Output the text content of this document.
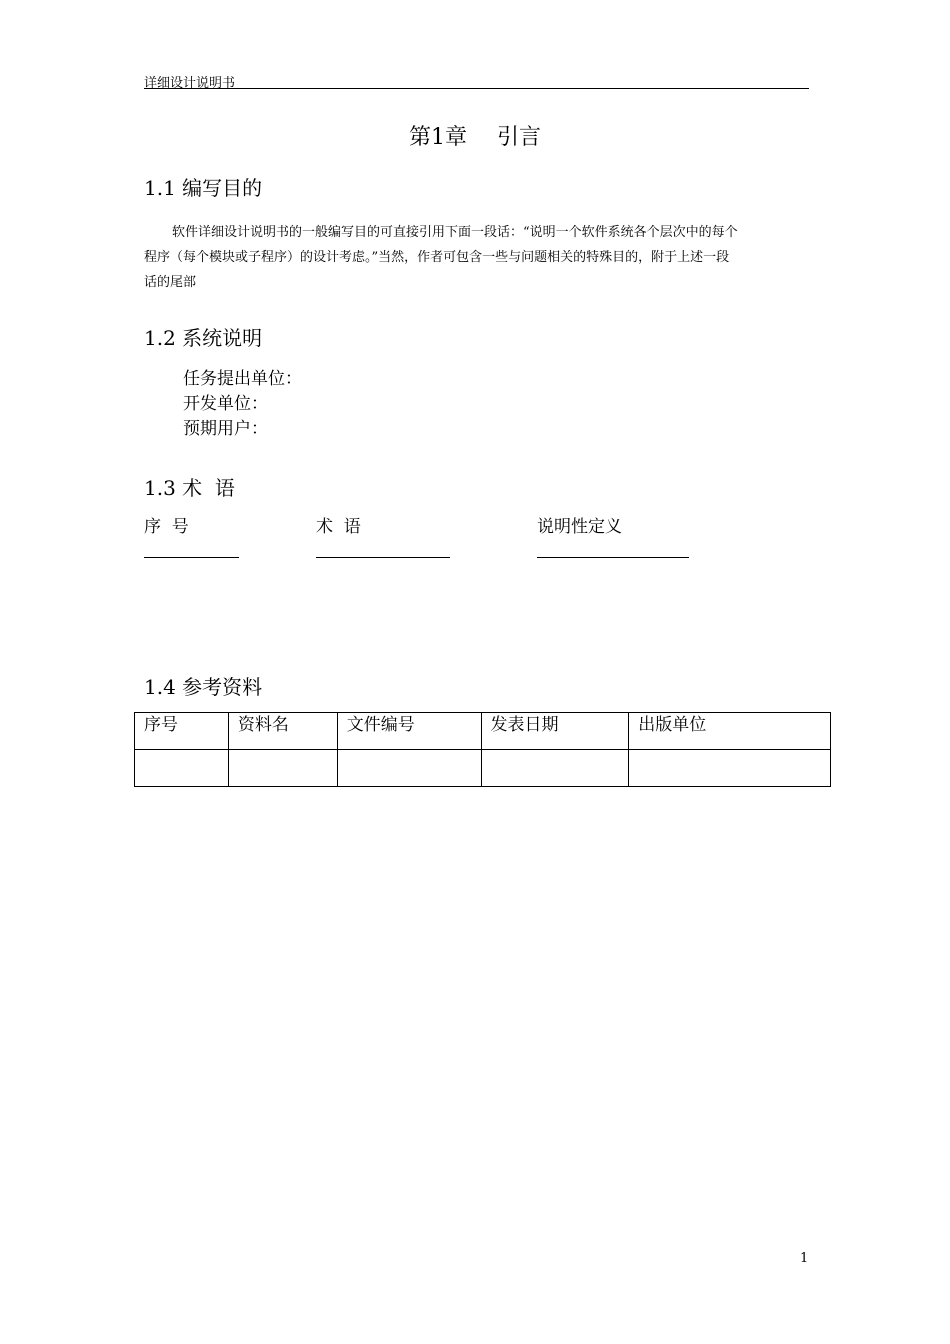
详细设计说明书
第1章 引言
1.1 编写目的
软件详细设计说明书的一般编写目的可直接引用下面一段话：“说明一个软件系统各个层次中的每个
程序（每个模块或子程序）的设计考虑。”当然，作者可包含一些与问题相关的特殊目的，附于上述一段
话的尾部
1.2 系统说明
任务提出单位：
开发单位：
预期用户：
1.3 术  语
序  号	术  语	说明性定义
1.4 参考资料
序号	资料名	文件编号	发表日期	出版单位

1
